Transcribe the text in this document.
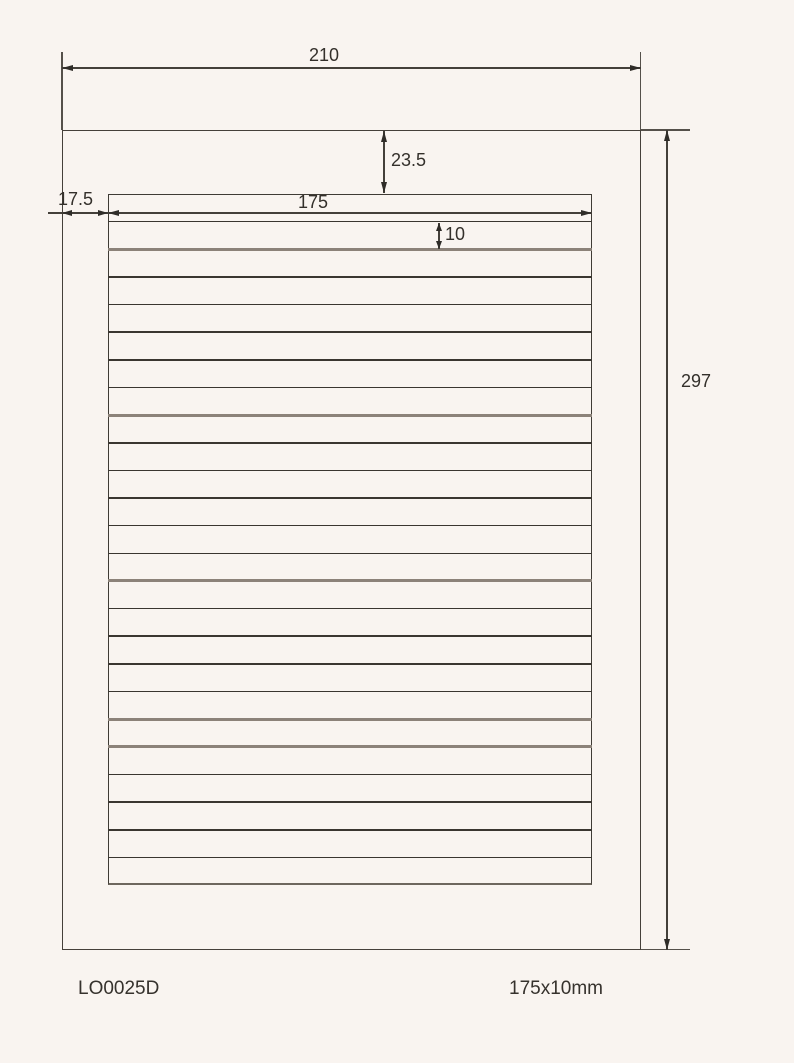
210
297
23.5
17.5	175
10
LO0025D	175x10mm
